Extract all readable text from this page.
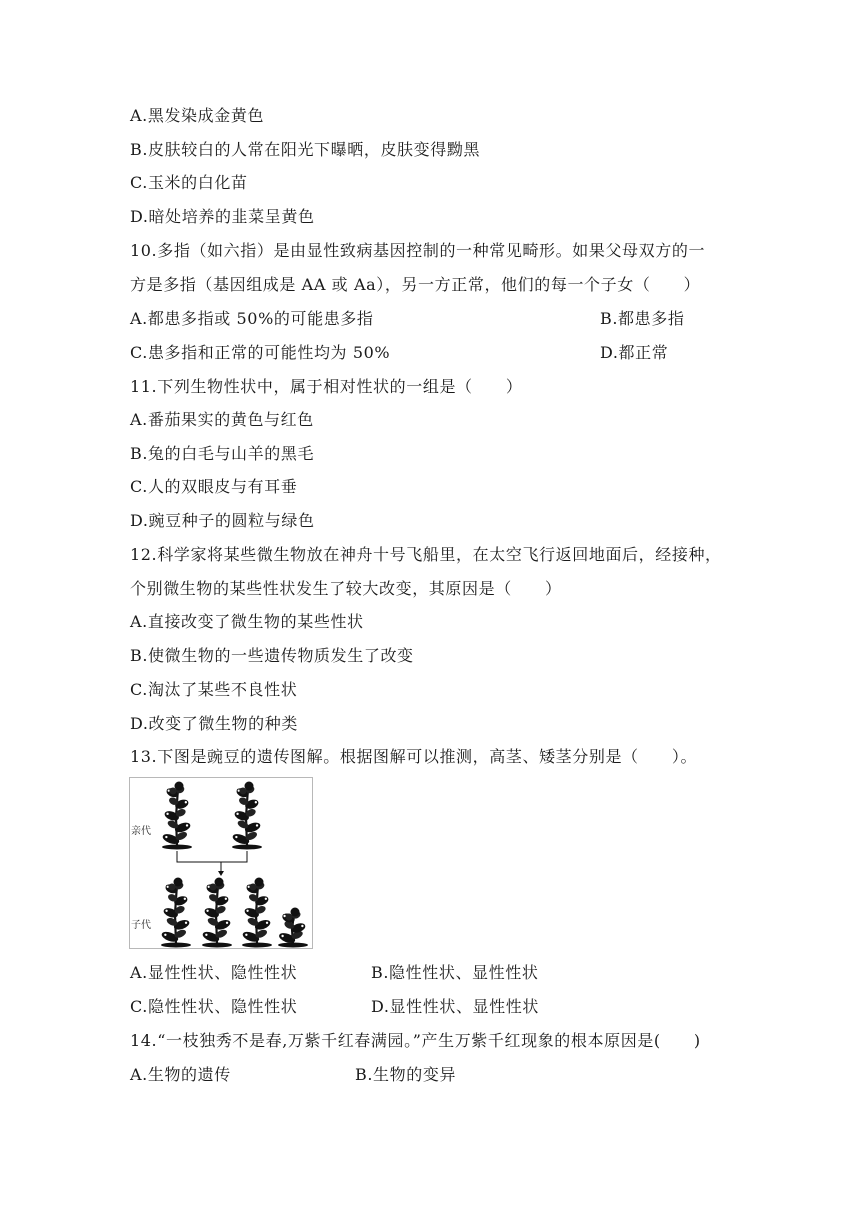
A.黑发染成金黄色
B.皮肤较白的人常在阳光下曝晒，皮肤变得黝黑
C.玉米的白化苗
D.暗处培养的韭菜呈黄色
10.多指（如六指）是由显性致病基因控制的一种常见畸形。如果父母双方的一
方是多指（基因组成是 AA 或 Aa），另一方正常，他们的每一个子女（　　）
A.都患多指或 50%的可能患多指	B.都患多指
C.患多指和正常的可能性均为 50%	D.都正常
11.下列生物性状中，属于相对性状的一组是（　　）
A.番茄果实的黄色与红色
B.兔的白毛与山羊的黑毛
C.人的双眼皮与有耳垂
D.豌豆种子的圆粒与绿色
12.科学家将某些微生物放在神舟十号飞船里，在太空飞行返回地面后，经接种，
个别微生物的某些性状发生了较大改变，其原因是（　　）
A.直接改变了微生物的某些性状
B.使微生物的一些遗传物质发生了改变
C.淘汰了某些不良性状
D.改变了微生物的种类
13.下图是豌豆的遗传图解。根据图解可以推测，高茎、矮茎分别是（　　）。
亲代
子代
A.显性性状、隐性性状	B.隐性性状、显性性状
C.隐性性状、隐性性状	D.显性性状、显性性状
14.“一枝独秀不是春,万紫千红春满园。”产生万紫千红现象的根本原因是(　　)
A.生物的遗传	B.生物的变异
